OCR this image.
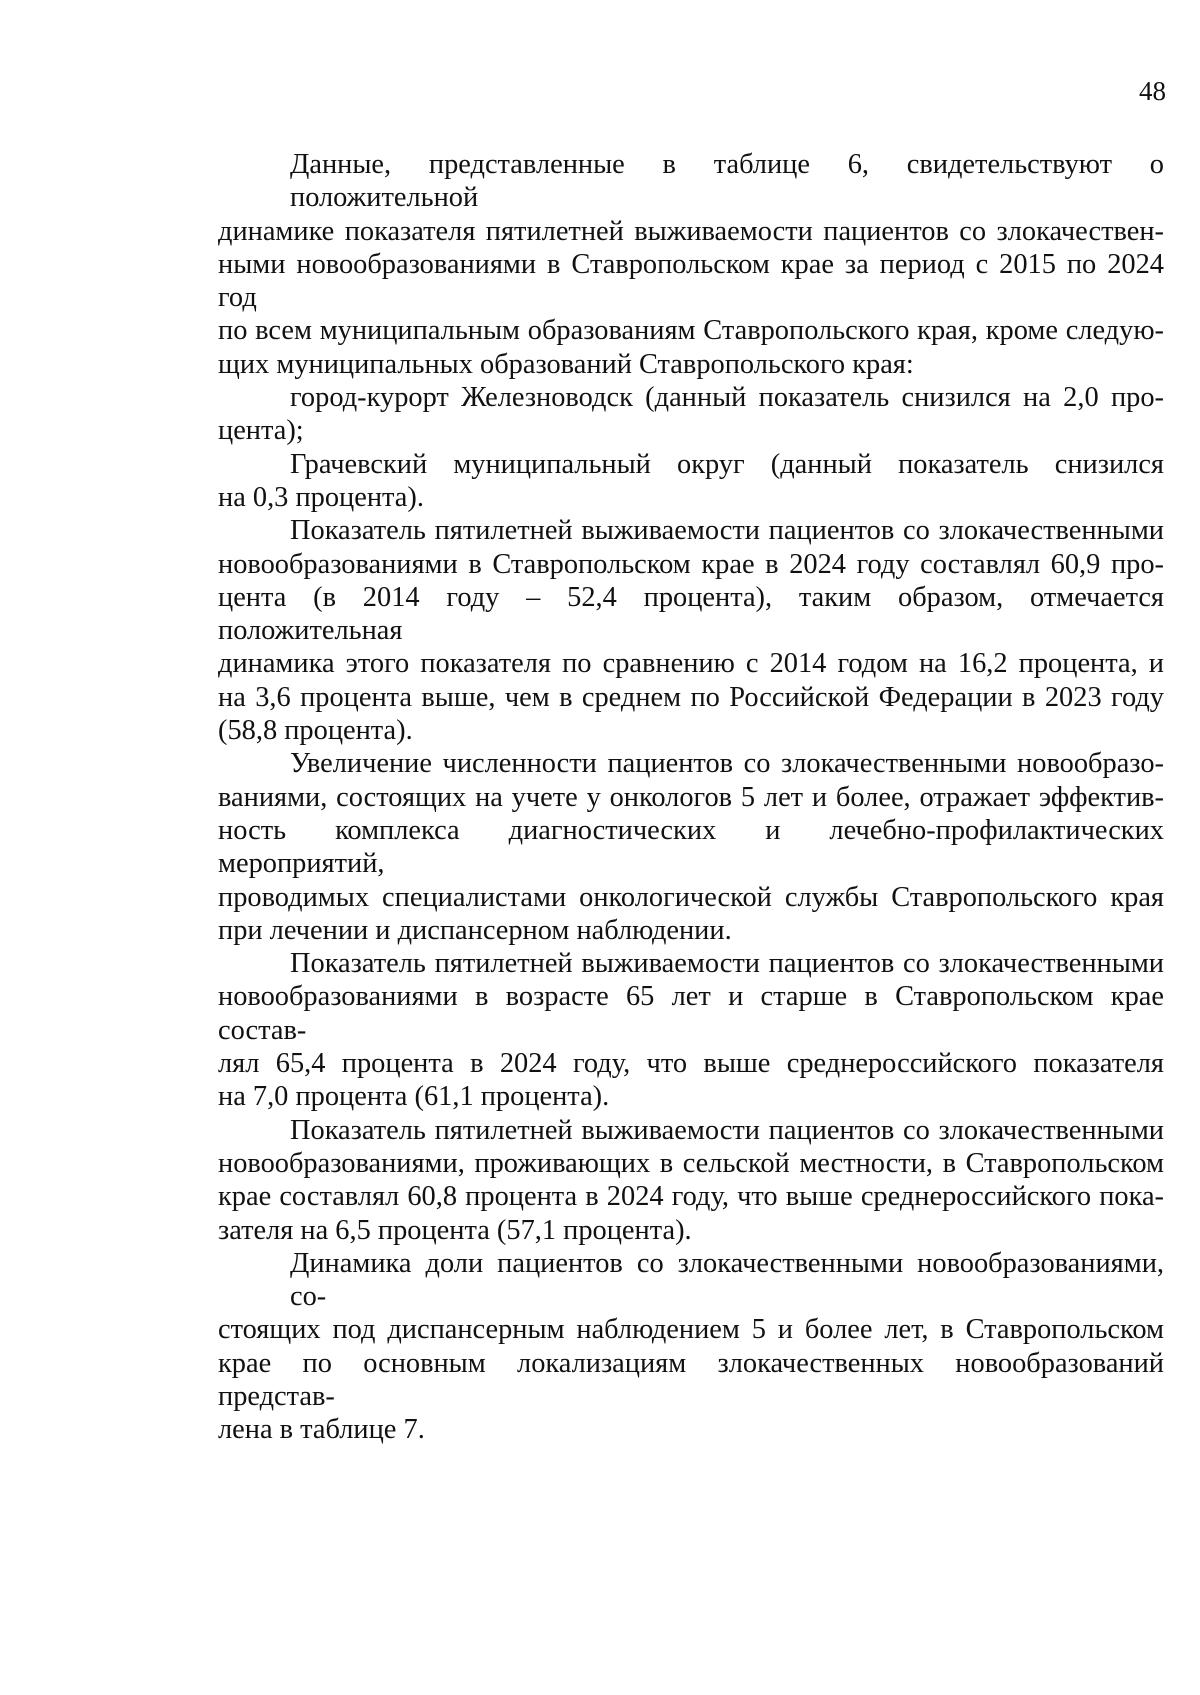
48

Данные, представленные в таблице 6, свидетельствуют о положительной
динамике показателя пятилетней выживаемости пациентов со злокачествен-
ными новообразованиями в Ставропольском крае за период с 2015 по 2024 год
по всем муниципальным образованиям Ставропольского края, кроме следую-
щих муниципальных образований Ставропольского края:

город-курорт Железноводск (данный показатель снизился на 2,0 про-
цента);

Грачевский муниципальный округ (данный показатель снизился
на 0,3 процента).

Показатель пятилетней выживаемости пациентов со злокачественными
новообразованиями в Ставропольском крае в 2024 году составлял 60,9 про-
цента (в 2014 году – 52,4 процента), таким образом, отмечается положительная
динамика этого показателя по сравнению с 2014 годом на 16,2 процента, и
на 3,6 процента выше, чем в среднем по Российской Федерации в 2023 году
(58,8 процента).

Увеличение численности пациентов со злокачественными новообразо-
ваниями, состоящих на учете у онкологов 5 лет и более, отражает эффектив-
ность комплекса диагностических и лечебно-профилактических мероприятий,
проводимых специалистами онкологической службы Ставропольского края
при лечении и диспансерном наблюдении.

Показатель пятилетней выживаемости пациентов со злокачественными
новообразованиями в возрасте 65 лет и старше в Ставропольском крае состав-
лял 65,4 процента в 2024 году, что выше среднероссийского показателя
на 7,0 процента (61,1 процента).

Показатель пятилетней выживаемости пациентов со злокачественными
новообразованиями, проживающих в сельской местности, в Ставропольском
крае составлял 60,8 процента в 2024 году, что выше среднероссийского пока-
зателя на 6,5 процента (57,1 процента).

Динамика доли пациентов со злокачественными новообразованиями, со-
стоящих под диспансерным наблюдением 5 и более лет, в Ставропольском
крае по основным локализациям злокачественных новообразований представ-
лена в таблице 7.
